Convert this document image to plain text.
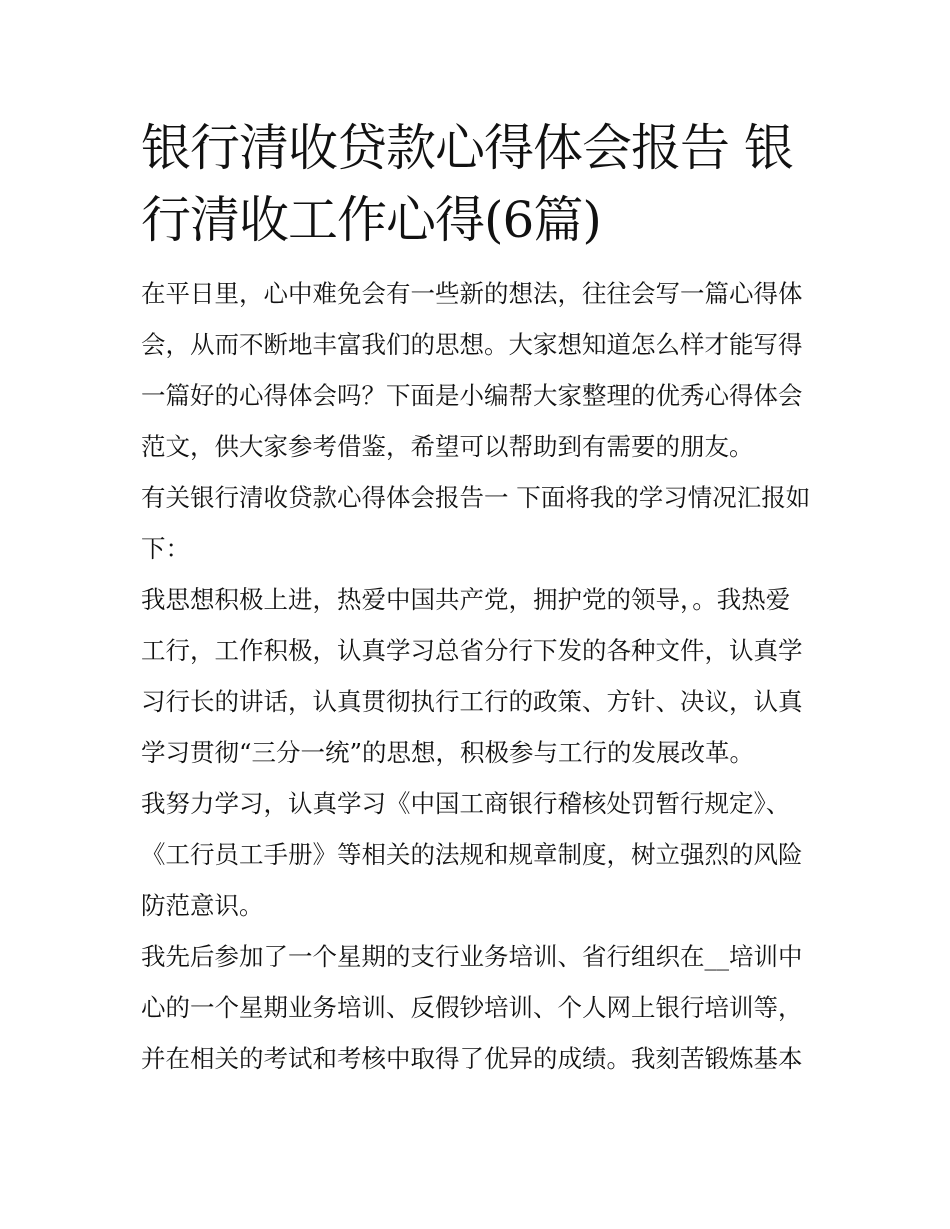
银行清收贷款心得体会报告 银行清收工作心得(6篇)

在平日里，心中难免会有一些新的想法，往往会写一篇心得体会，从而不断地丰富我们的思想。大家想知道怎么样才能写得一篇好的心得体会吗？下面是小编帮大家整理的优秀心得体会范文，供大家参考借鉴，希望可以帮助到有需要的朋友。

有关银行清收贷款心得体会报告一 下面将我的学习情况汇报如下：

我思想积极上进，热爱中国共产党，拥护党的领导，。我热爱工行，工作积极，认真学习总省分行下发的各种文件，认真学习行长的讲话，认真贯彻执行工行的政策、方针、决议，认真学习贯彻“三分一统”的思想，积极参与工行的发展改革。

我努力学习，认真学习《中国工商银行稽核处罚暂行规定》、《工行员工手册》等相关的法规和规章制度，树立强烈的风险防范意识。

我先后参加了一个星期的支行业务培训、省行组织在__培训中心的一个星期业务培训、反假钞培训、个人网上银行培训等，并在相关的考试和考核中取得了优异的成绩。我刻苦锻炼基本
